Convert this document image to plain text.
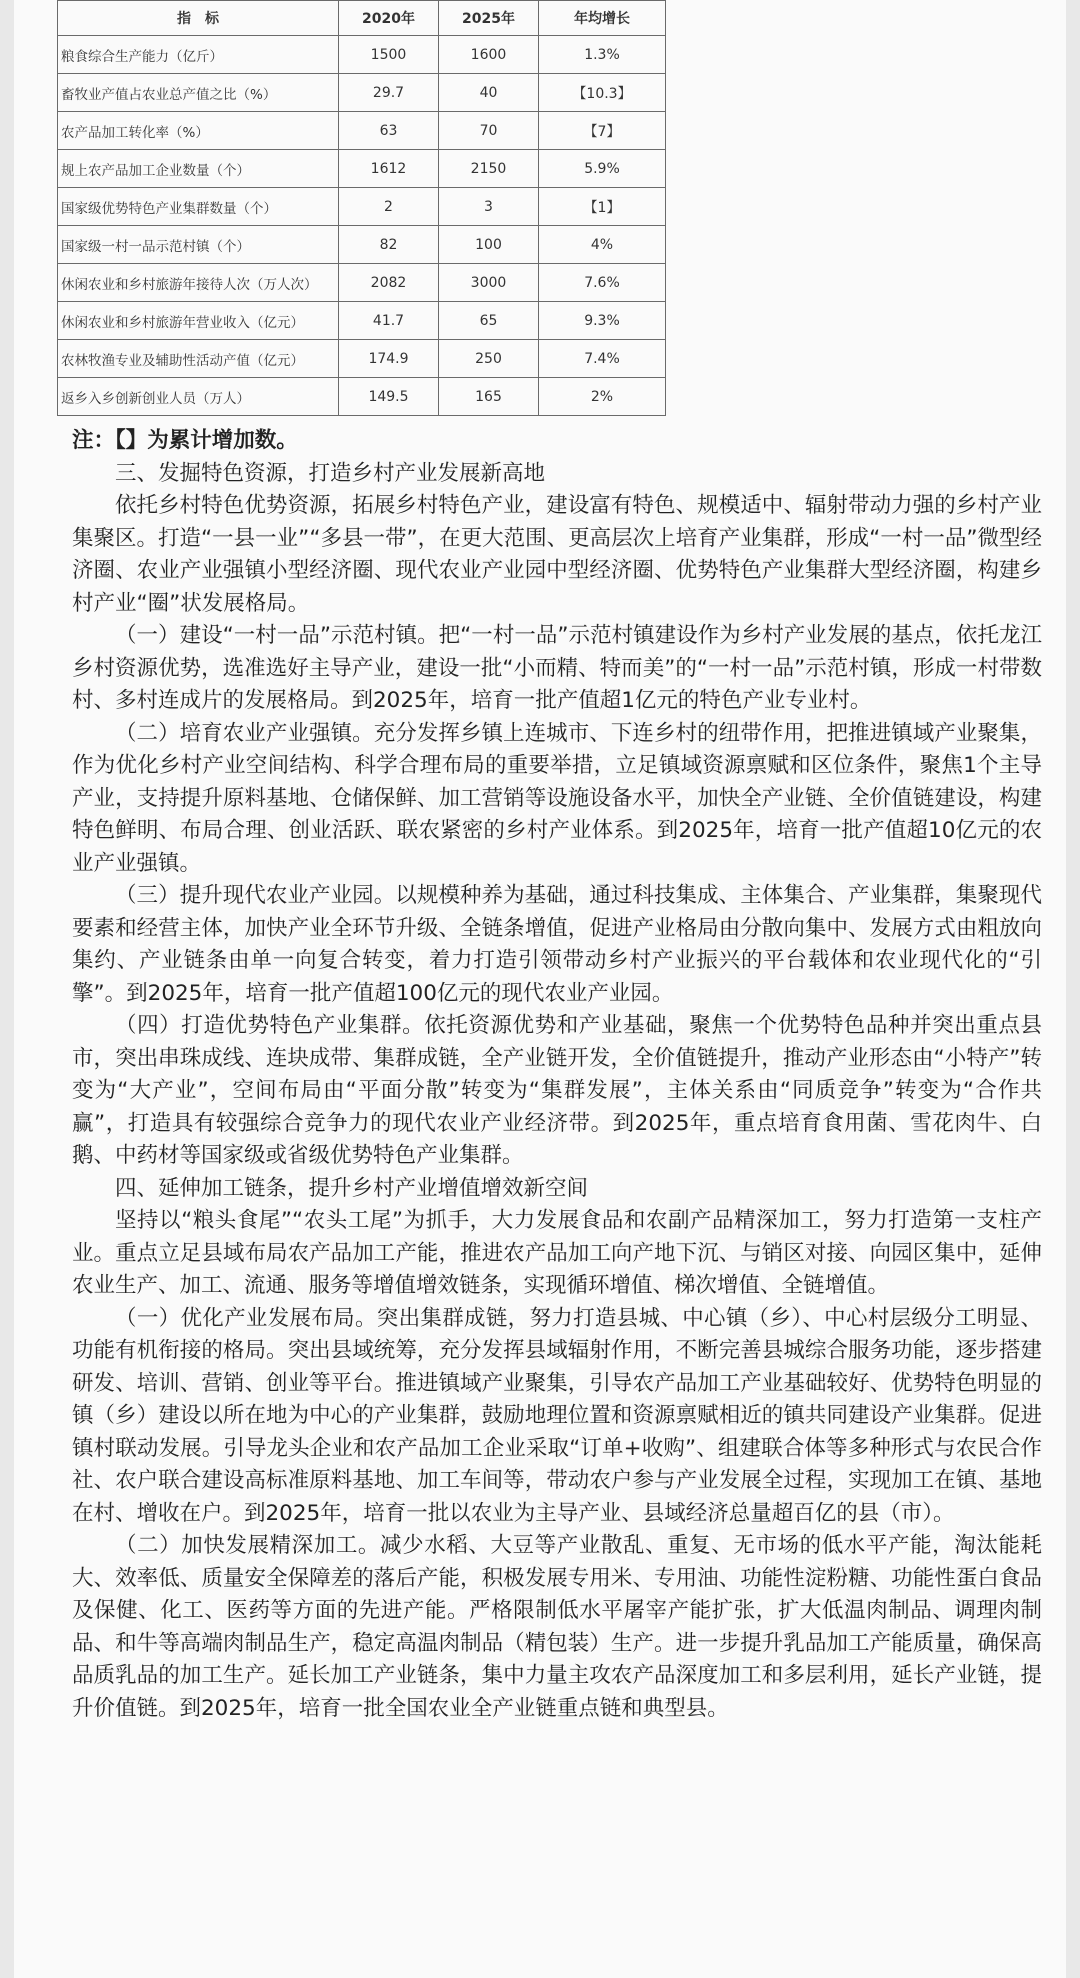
指　标	2020年	2025年	年均增长
粮食综合生产能力（亿斤）	1500	1600	1.3%
畜牧业产值占农业总产值之比（%）	29.7	40	【10.3】
农产品加工转化率（%）	63	70	【7】
规上农产品加工企业数量（个）	1612	2150	5.9%
国家级优势特色产业集群数量（个）	2	3	【1】
国家级一村一品示范村镇（个）	82	100	4%
休闲农业和乡村旅游年接待人次（万人次）	2082	3000	7.6%
休闲农业和乡村旅游年营业收入（亿元）	41.7	65	9.3%
农林牧渔专业及辅助性活动产值（亿元）	174.9	250	7.4%
返乡入乡创新创业人员（万人）	149.5	165	2%

注：【】为累计增加数。

三、发掘特色资源，打造乡村产业发展新高地

依托乡村特色优势资源，拓展乡村特色产业，建设富有特色、规模适中、辐射带动力强的乡村产业集聚区。打造“一县一业”“多县一带”，在更大范围、更高层次上培育产业集群，形成“一村一品”微型经济圈、农业产业强镇小型经济圈、现代农业产业园中型经济圈、优势特色产业集群大型经济圈，构建乡村产业“圈”状发展格局。

（一）建设“一村一品”示范村镇。把“一村一品”示范村镇建设作为乡村产业发展的基点，依托龙江乡村资源优势，选准选好主导产业，建设一批“小而精、特而美”的“一村一品”示范村镇，形成一村带数村、多村连成片的发展格局。到2025年，培育一批产值超1亿元的特色产业专业村。

（二）培育农业产业强镇。充分发挥乡镇上连城市、下连乡村的纽带作用，把推进镇域产业聚集，作为优化乡村产业空间结构、科学合理布局的重要举措，立足镇域资源禀赋和区位条件，聚焦1个主导产业，支持提升原料基地、仓储保鲜、加工营销等设施设备水平，加快全产业链、全价值链建设，构建特色鲜明、布局合理、创业活跃、联农紧密的乡村产业体系。到2025年，培育一批产值超10亿元的农业产业强镇。

（三）提升现代农业产业园。以规模种养为基础，通过科技集成、主体集合、产业集群，集聚现代要素和经营主体，加快产业全环节升级、全链条增值，促进产业格局由分散向集中、发展方式由粗放向集约、产业链条由单一向复合转变，着力打造引领带动乡村产业振兴的平台载体和农业现代化的“引擎”。到2025年，培育一批产值超100亿元的现代农业产业园。

（四）打造优势特色产业集群。依托资源优势和产业基础，聚焦一个优势特色品种并突出重点县市，突出串珠成线、连块成带、集群成链，全产业链开发，全价值链提升，推动产业形态由“小特产”转变为“大产业”，空间布局由“平面分散”转变为“集群发展”，主体关系由“同质竞争”转变为“合作共赢”，打造具有较强综合竞争力的现代农业产业经济带。到2025年，重点培育食用菌、雪花肉牛、白鹅、中药材等国家级或省级优势特色产业集群。

四、延伸加工链条，提升乡村产业增值增效新空间

坚持以“粮头食尾”“农头工尾”为抓手，大力发展食品和农副产品精深加工，努力打造第一支柱产业。重点立足县域布局农产品加工产能，推进农产品加工向产地下沉、与销区对接、向园区集中，延伸农业生产、加工、流通、服务等增值增效链条，实现循环增值、梯次增值、全链增值。

（一）优化产业发展布局。突出集群成链，努力打造县城、中心镇（乡）、中心村层级分工明显、功能有机衔接的格局。突出县域统筹，充分发挥县域辐射作用，不断完善县城综合服务功能，逐步搭建研发、培训、营销、创业等平台。推进镇域产业聚集，引导农产品加工产业基础较好、优势特色明显的镇（乡）建设以所在地为中心的产业集群，鼓励地理位置和资源禀赋相近的镇共同建设产业集群。促进镇村联动发展。引导龙头企业和农产品加工企业采取“订单+收购”、组建联合体等多种形式与农民合作社、农户联合建设高标准原料基地、加工车间等，带动农户参与产业发展全过程，实现加工在镇、基地在村、增收在户。到2025年，培育一批以农业为主导产业、县域经济总量超百亿的县（市）。

（二）加快发展精深加工。减少水稻、大豆等产业散乱、重复、无市场的低水平产能，淘汰能耗大、效率低、质量安全保障差的落后产能，积极发展专用米、专用油、功能性淀粉糖、功能性蛋白食品及保健、化工、医药等方面的先进产能。严格限制低水平屠宰产能扩张，扩大低温肉制品、调理肉制品、和牛等高端肉制品生产，稳定高温肉制品（精包装）生产。进一步提升乳品加工产能质量，确保高品质乳品的加工生产。延长加工产业链条，集中力量主攻农产品深度加工和多层利用，延长产业链，提升价值链。到2025年，培育一批全国农业全产业链重点链和典型县。
